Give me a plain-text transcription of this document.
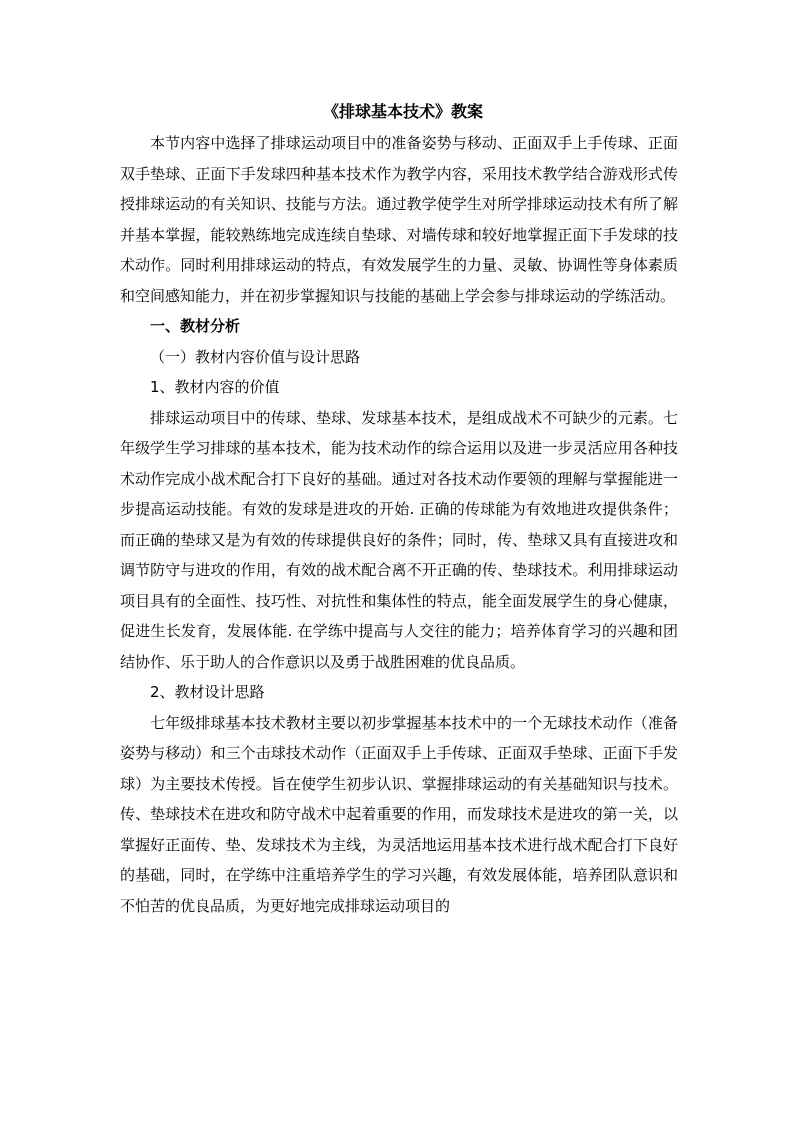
《排球基本技术》教案

本节内容中选择了排球运动项目中的准备姿势与移动、正面双手上手传球、正面双手垫球、正面下手发球四种基本技术作为教学内容，采用技术教学结合游戏形式传授排球运动的有关知识、技能与方法。通过教学使学生对所学排球运动技术有所了解并基本掌握，能较熟练地完成连续自垫球、对墙传球和较好地掌握正面下手发球的技术动作。同时利用排球运动的特点，有效发展学生的力量、灵敏、协调性等身体素质和空间感知能力，并在初步掌握知识与技能的基础上学会参与排球运动的学练活动。

一、教材分析

（一）教材内容价值与设计思路

1、教材内容的价值

排球运动项目中的传球、垫球、发球基本技术，是组成战术不可缺少的元素。七年级学生学习排球的基本技术，能为技术动作的综合运用以及进一步灵活应用各种技术动作完成小战术配合打下良好的基础。通过对各技术动作要领的理解与掌握能进一步提高运动技能。有效的发球是进攻的开始. 正确的传球能为有效地进攻提供条件；而正确的垫球又是为有效的传球提供良好的条件；同时，传、垫球又具有直接进攻和调节防守与进攻的作用，有效的战术配合离不开正确的传、垫球技术。利用排球运动项目具有的全面性、技巧性、对抗性和集体性的特点，能全面发展学生的身心健康，促进生长发育，发展体能. 在学练中提高与人交往的能力；培养体育学习的兴趣和团结协作、乐于助人的合作意识以及勇于战胜困难的优良品质。

2、教材设计思路

七年级排球基本技术教材主要以初步掌握基本技术中的一个无球技术动作（准备姿势与移动）和三个击球技术动作（正面双手上手传球、正面双手垫球、正面下手发球）为主要技术传授。旨在使学生初步认识、掌握排球运动的有关基础知识与技术。传、垫球技术在进攻和防守战术中起着重要的作用，而发球技术是进攻的第一关，以掌握好正面传、垫、发球技术为主线，为灵活地运用基本技术进行战术配合打下良好的基础，同时，在学练中注重培养学生的学习兴趣，有效发展体能，培养团队意识和不怕苦的优良品质，为更好地完成排球运动项目的
